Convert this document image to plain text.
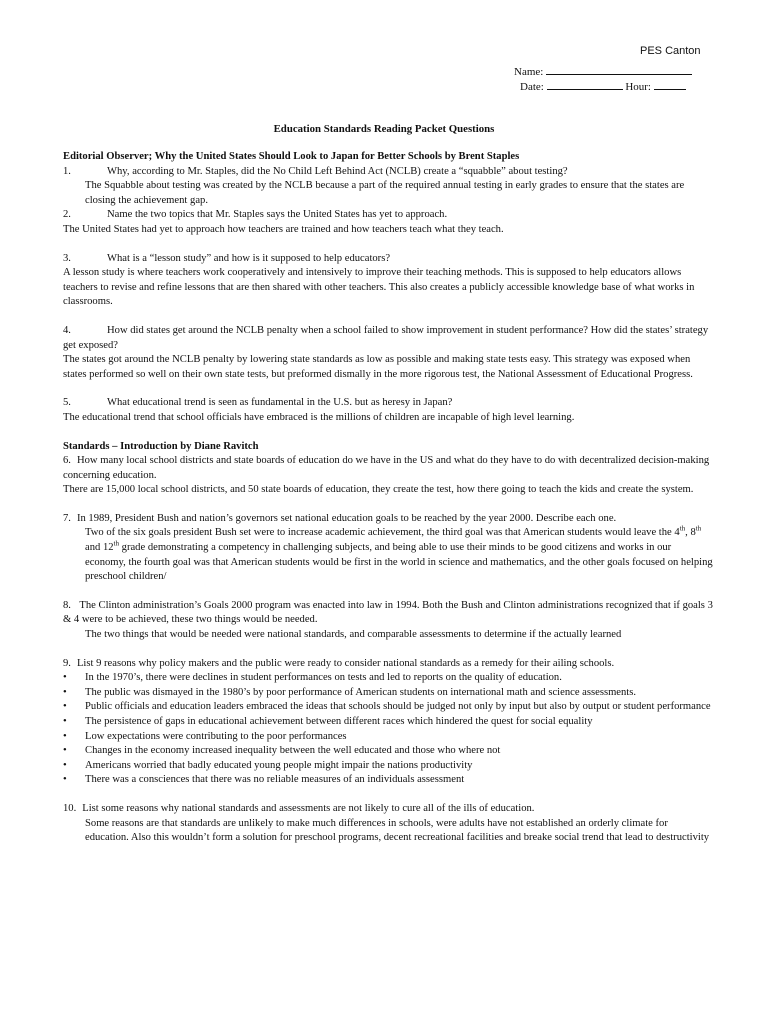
PES Canton
Name:
Date:	Hour:
Education Standards Reading Packet Questions
Editorial Observer; Why the United States Should Look to Japan for Better Schools by Brent Staples
1.	Why, according to Mr. Staples, did the No Child Left Behind Act (NCLB) create a “squabble” about testing?
The Squabble about testing was created by the NCLB because a part of the required annual testing in early grades to ensure that the states are closing the achievement gap.
2.	Name the two topics that Mr. Staples says the United States has yet to approach.
The United States had yet to approach how teachers are trained and how teachers teach what they teach.
3.	What is a “lesson study” and how is it supposed to help educators?
A lesson study is where teachers work cooperatively and intensively to improve their teaching methods. This is supposed to help educators allows teachers to revise and refine lessons that are then shared with other teachers. This also creates a publicly accessible knowledge base of what works in classrooms.
4.	How did states get around the NCLB penalty when a school failed to show improvement in student performance? How did the states’ strategy get exposed?
The states got around the NCLB penalty by lowering state standards as low as possible and making state tests easy. This strategy was exposed when states performed so well on their own state tests, but preformed dismally in the more rigorous test, the National Assessment of Educational Progress.
5.	What educational trend is seen as fundamental in the U.S. but as heresy in Japan?
The educational trend that school officials have embraced is the millions of children are incapable of high level learning.
Standards – Introduction by Diane Ravitch
6. How many local school districts and state boards of education do we have in the US and what do they have to do with decentralized decision-making concerning education.
There are 15,000 local school districts, and 50 state boards of education, they create the test, how there going to teach the kids and create the system.
7. In 1989, President Bush and nation’s governors set national education goals to be reached by the year 2000. Describe each one.
Two of the six goals president Bush set were to increase academic achievement, the third goal was that American students would leave the 4th, 8th and 12th grade demonstrating a competency in challenging subjects, and being able to use their minds to be good citizens and works in our economy, the fourth goal was that American students would be first in the world in science and mathematics, and the other goals focused on helping preschool children/
8. The Clinton administration’s Goals 2000 program was enacted into law in 1994. Both the Bush and Clinton administrations recognized that if goals 3 & 4 were to be achieved, these two things would be needed.
The two things that would be needed were national standards, and comparable assessments to determine if the actually learned
9. List 9 reasons why policy makers and the public were ready to consider national standards as a remedy for their ailing schools.
• In the 1970’s, there were declines in student performances on tests and led to reports on the quality of education.
• The public was dismayed in the 1980’s by poor performance of American students on international math and science assessments.
• Public officials and education leaders embraced the ideas that schools should be judged not only by input but also by output or student performance
• The persistence of gaps in educational achievement between different races which hindered the quest for social equality
• Low expectations were contributing to the poor performances
• Changes in the economy increased inequality between the well educated and those who where not
• Americans worried that badly educated young people might impair the nations productivity
• There was a consciences that there was no reliable measures of an individuals assessment
10. List some reasons why national standards and assessments are not likely to cure all of the ills of education.
Some reasons are that standards are unlikely to make much differences in schools, were adults have not established an orderly climate for education. Also this wouldn’t form a solution for preschool programs, decent recreational facilities and breake social trend that lead to destructivity
